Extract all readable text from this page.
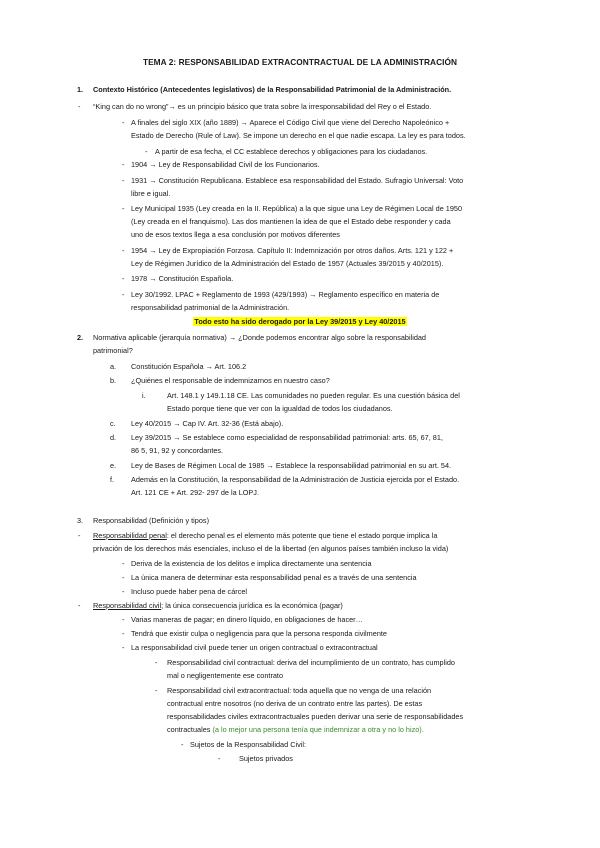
TEMA 2: RESPONSABILIDAD EXTRACONTRACTUAL DE LA ADMINISTRACIÓN
1. Contexto Histórico (Antecedentes legislativos) de la Responsabilidad Patrimonial de la Administración.
- “King can do no wrong”→ es un principio básico que trata sobre la irresponsabilidad del Rey o el Estado.
- A finales del siglo XIX (año 1889) → Aparece el Código Civil que viene del Derecho Napoleónico +
Estado de Derecho (Rule of Law). Se impone un derecho en el que nadie escapa. La ley es para todos.
- A partir de esa fecha, el CC establece derechos y obligaciones para los ciudadanos.
- 1904 → Ley de Responsabilidad Civil de los Funcionarios.
- 1931 → Constitución Republicana. Establece esa responsabilidad del Estado. Sufragio Universal: Voto
libre e igual.
- Ley Municipal 1935 (Ley creada en la II. República) a la que sigue una Ley de Régimen Local de 1950
(Ley creada en el franquismo). Las dos mantienen la idea de que el Estado debe responder y cada
uno de esos textos llega a esa conclusión por motivos diferentes
- 1954 → Ley de Expropiación Forzosa. Capítulo II: Indemnización por otros daños. Arts. 121 y 122 +
Ley de Régimen Jurídico de la Administración del Estado de 1957 (Actuales 39/2015 y 40/2015).
- 1978 → Constitución Española.
- Ley 30/1992. LPAC + Reglamento de 1993 (429/1993) → Reglamento específico en materia de
responsabilidad patrimonial de la Administración.
Todo esto ha sido derogado por la Ley 39/2015 y Ley 40/2015
2. Normativa aplicable (jerarquía normativa) → ¿Donde podemos encontrar algo sobre la responsabilidad
patrimonial?
a. Constitución Española → Art. 106.2
b. ¿Quiénes el responsable de indemnizarnos en nuestro caso?
i.	Art. 148.1 y 149.1.18 CE. Las comunidades no pueden regular. Es una cuestión básica del
Estado porque tiene que ver con la igualdad de todos los ciudadanos.
c. Ley 40/2015 → Cap IV. Art. 32-36 (Está abajo).
d. Ley 39/2015 → Se establece como especialidad de responsabilidad patrimonial: arts. 65, 67, 81,
86 5, 91, 92 y concordantes.
e. Ley de Bases de Régimen Local de 1985 → Establece la responsabilidad patrimonial en su art. 54.
f. Además en la Constitución, la responsabilidad de la Administración de Justicia ejercida por el Estado.
Art. 121 CE + Art. 292- 297 de la LOPJ.
3. Responsabilidad (Definición y tipos)
- Responsabilidad penal: el derecho penal es el elemento más potente que tiene el estado porque implica la
privación de los derechos más esenciales, incluso el de la libertad (en algunos países también incluso la vida)
- Deriva de la existencia de los delitos e implica directamente una sentencia
- La única manera de determinar esta responsabilidad penal es a través de una sentencia
- Incluso puede haber pena de cárcel
- Responsabilidad civil; la única consecuencia jurídica es la económica (pagar)
- Varias maneras de pagar; en dinero líquido, en obligaciones de hacer…
- Tendrá que existir culpa o negligencia para que la persona responda civilmente
- La responsabilidad civil puede tener un origen contractual o extracontractual
- Responsabilidad civil contractual: deriva del incumplimiento de un contrato, has cumplido
mal o negligentemente ese contrato
- Responsabilidad civil extracontractual: toda aquella que no venga de una relación
contractual entre nosotros (no deriva de un contrato entre las partes). De estas
responsabilidades civiles extracontractuales pueden derivar una serie de responsabilidades
contractuales (a lo mejor una persona tenía que indemnizar a otra y no lo hizo).
- Sujetos de la Responsabilidad Civil:
-	Sujetos privados
